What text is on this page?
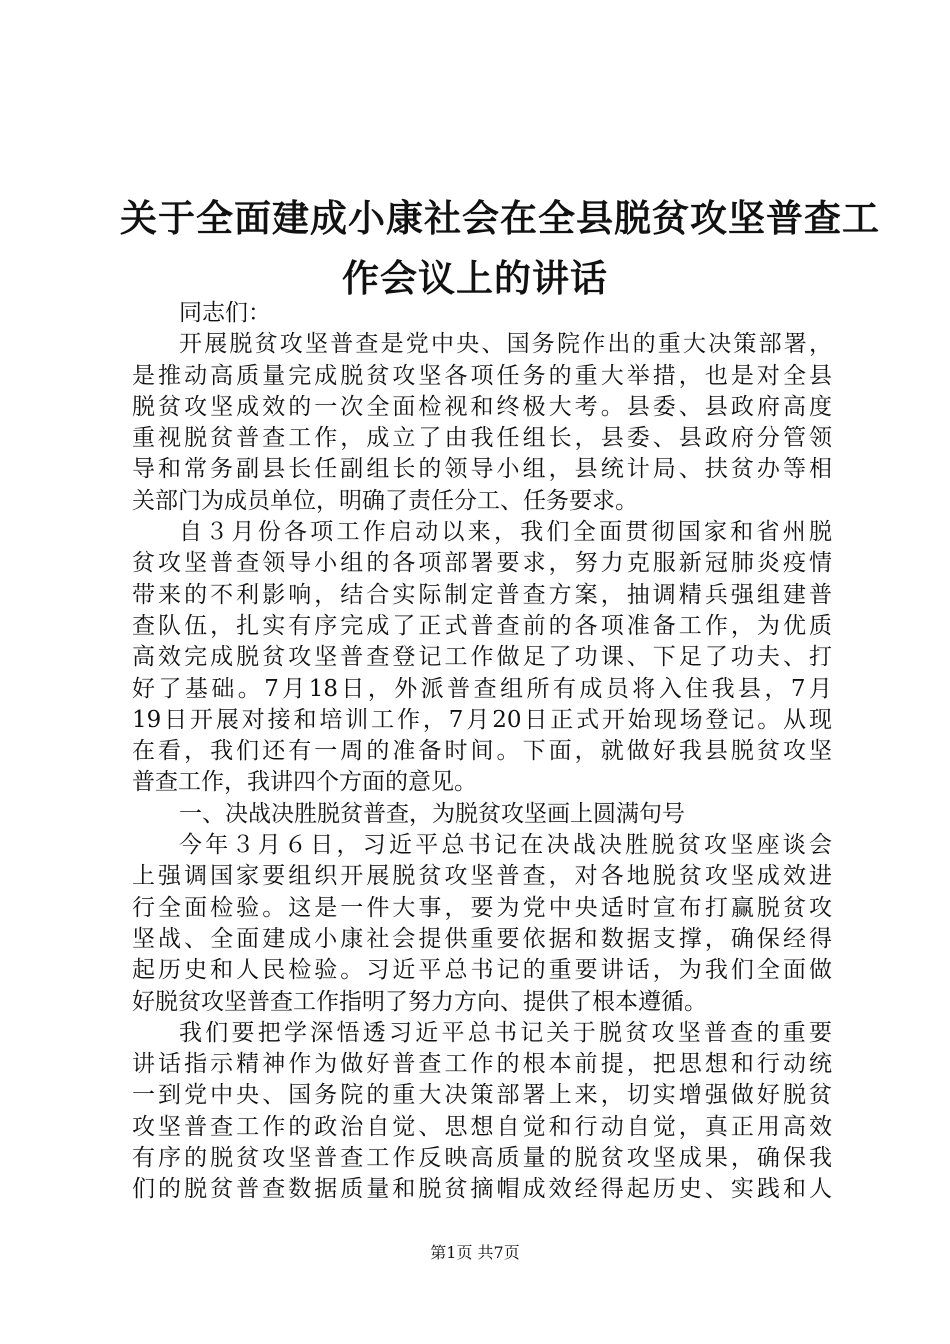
关于全面建成小康社会在全县脱贫攻坚普查工
作会议上的讲话
同志们：
开展脱贫攻坚普查是党中央、国务院作出的重大决策部署，
是推动高质量完成脱贫攻坚各项任务的重大举措，也是对全县
脱贫攻坚成效的一次全面检视和终极大考。县委、县政府高度
重视脱贫普查工作，成立了由我任组长，县委、县政府分管领
导和常务副县长任副组长的领导小组，县统计局、扶贫办等相
关部门为成员单位，明确了责任分工、任务要求。
自３月份各项工作启动以来，我们全面贯彻国家和省州脱
贫攻坚普查领导小组的各项部署要求，努力克服新冠肺炎疫情
带来的不利影响，结合实际制定普查方案，抽调精兵强组建普
查队伍，扎实有序完成了正式普查前的各项准备工作，为优质
高效完成脱贫攻坚普查登记工作做足了功课、下足了功夫、打
好了基础。7月18日，外派普查组所有成员将入住我县，7月
19日开展对接和培训工作，7月20日正式开始现场登记。从现
在看，我们还有一周的准备时间。下面，就做好我县脱贫攻坚
普查工作，我讲四个方面的意见。
一、决战决胜脱贫普查，为脱贫攻坚画上圆满句号
今年３月６日，习近平总书记在决战决胜脱贫攻坚座谈会
上强调国家要组织开展脱贫攻坚普查，对各地脱贫攻坚成效进
行全面检验。这是一件大事，要为党中央适时宣布打赢脱贫攻
坚战、全面建成小康社会提供重要依据和数据支撑，确保经得
起历史和人民检验。习近平总书记的重要讲话，为我们全面做
好脱贫攻坚普查工作指明了努力方向、提供了根本遵循。
我们要把学深悟透习近平总书记关于脱贫攻坚普查的重要
讲话指示精神作为做好普查工作的根本前提，把思想和行动统
一到党中央、国务院的重大决策部署上来，切实增强做好脱贫
攻坚普查工作的政治自觉、思想自觉和行动自觉，真正用高效
有序的脱贫攻坚普查工作反映高质量的脱贫攻坚成果，确保我
们的脱贫普查数据质量和脱贫摘帽成效经得起历史、实践和人
第1页 共7页
